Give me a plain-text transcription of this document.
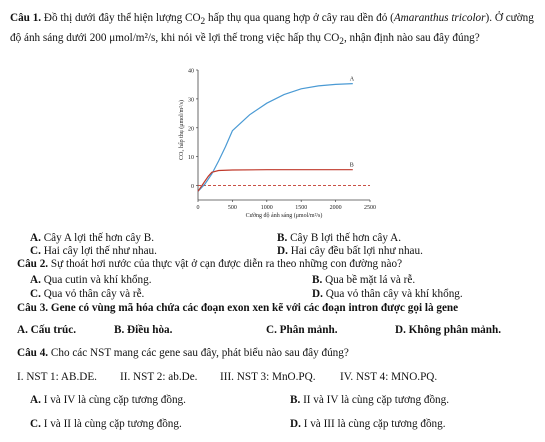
Câu 1. Đồ thị dưới đây thể hiện lượng $CO_2$ hấp thụ qua quang hợp ở cây rau dền đỏ (Amaranthus tricolor). Ở cường độ ánh sáng dưới 200 μmol/m²/s, khi nói về lợi thế trong việc hấp thụ $CO_2$, nhận định nào sau đây đúng?
0
10
20
30
40
0	500	1000	1500	2000	2500
Cường độ ánh sáng (μmol/m²/s)
CO₂ hấp thụ (μmol/m²/s)
A
B
A. Cây A lợi thế hơn cây B.	B. Cây B lợi thế hơn cây A.
C. Hai cây lợi thế như nhau.	D. Hai cây đều bất lợi như nhau.
Câu 2. Sự thoát hơi nước của thực vật ở cạn được diễn ra theo những con đường nào?
A. Qua cutin và khí khổng.	B. Qua bề mặt lá và rễ.
C. Qua vỏ thân cây và rễ.	D. Qua vỏ thân cây và khí khổng.
Câu 3. Gene có vùng mã hóa chứa các đoạn exon xen kẽ với các đoạn intron được gọi là gene
A. Cấu trúc.	B. Điều hòa.	C. Phân mảnh.	D. Không phân mảnh.
Câu 4. Cho các NST mang các gene sau đây, phát biểu nào sau đây đúng?
I. NST 1: AB.DE. II. NST 2: ab.De. III. NST 3: MnO.PQ. IV. NST 4: MNO.PQ.
A. I và IV là cùng cặp tương đồng.	B. II và IV là cùng cặp tương đồng.
C. I và II là cùng cặp tương đồng.	D. I và III là cùng cặp tương đồng.
